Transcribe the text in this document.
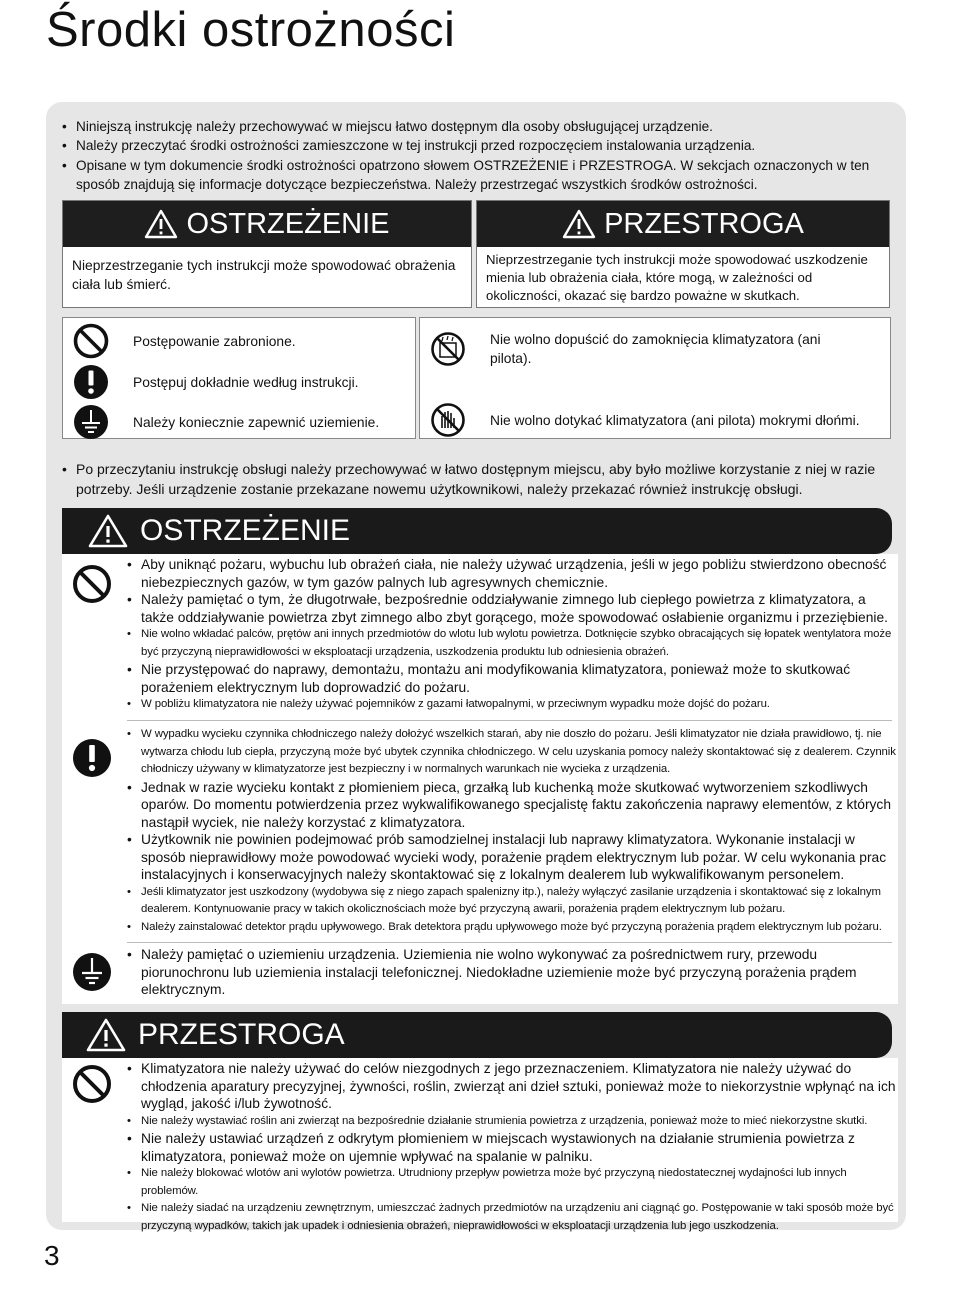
Środki ostrożności
• Niniejszą instrukcję należy przechowywać w miejscu łatwo dostępnym dla osoby obsługującej urządzenie.
• Należy przeczytać środki ostrożności zamieszczone w tej instrukcji przed rozpoczęciem instalowania urządzenia.
• Opisane w tym dokumencie środki ostrożności opatrzono słowem OSTRZEŻENIE i PRZESTROGA. W sekcjach oznaczonych w ten sposób znajdują się informacje dotyczące bezpieczeństwa. Należy przestrzegać wszystkich środków ostrożności.
OSTRZEŻENIE
Nieprzestrzeganie tych instrukcji może spowodować obrażenia ciała lub śmierć.
PRZESTROGA
Nieprzestrzeganie tych instrukcji może spowodować uszkodzenie mienia lub obrażenia ciała, które mogą, w zależności od okoliczności, okazać się bardzo poważne w skutkach.
Postępowanie zabronione.
Postępuj dokładnie według instrukcji.
Należy koniecznie zapewnić uziemienie.
Nie wolno dopuścić do zamoknięcia klimatyzatora (ani pilota).
Nie wolno dotykać klimatyzatora (ani pilota) mokrymi dłońmi.
• Po przeczytaniu instrukcję obsługi należy przechowywać w łatwo dostępnym miejscu, aby było możliwe korzystanie z niej w razie potrzeby. Jeśli urządzenie zostanie przekazane nowemu użytkownikowi, należy przekazać również instrukcję obsługi.
OSTRZEŻENIE
• Aby uniknąć pożaru, wybuchu lub obrażeń ciała, nie należy używać urządzenia, jeśli w jego pobliżu stwierdzono obecność niebezpiecznych gazów, w tym gazów palnych lub agresywnych chemicznie.
• Należy pamiętać o tym, że długotrwałe, bezpośrednie oddziaływanie zimnego lub ciepłego powietrza z klimatyzatora, a także oddziaływanie powietrza zbyt zimnego albo zbyt gorącego, może spowodować osłabienie organizmu i przeziębienie.
• Nie wolno wkładać palców, prętów ani innych przedmiotów do wlotu lub wylotu powietrza. Dotknięcie szybko obracających się łopatek wentylatora może być przyczyną nieprawidłowości w eksploatacji urządzenia, uszkodzenia produktu lub odniesienia obrażeń.
• Nie przystępować do naprawy, demontażu, montażu ani modyfikowania klimatyzatora, ponieważ może to skutkować porażeniem elektrycznym lub doprowadzić do pożaru.
• W pobliżu klimatyzatora nie należy używać pojemników z gazami łatwopalnymi, w przeciwnym wypadku może dojść do pożaru.
• W wypadku wycieku czynnika chłodniczego należy dołożyć wszelkich starań, aby nie doszło do pożaru. Jeśli klimatyzator nie działa prawidłowo, tj. nie wytwarza chłodu lub ciepła, przyczyną może być ubytek czynnika chłodniczego. W celu uzyskania pomocy należy skontaktować się z dealerem. Czynnik chłodniczy używany w klimatyzatorze jest bezpieczny i w normalnych warunkach nie wycieka z urządzenia.
• Jednak w razie wycieku kontakt z płomieniem pieca, grzałką lub kuchenką może skutkować wytworzeniem szkodliwych oparów. Do momentu potwierdzenia przez wykwalifikowanego specjalistę faktu zakończenia naprawy elementów, z których nastąpił wyciek, nie należy korzystać z klimatyzatora.
• Użytkownik nie powinien podejmować prób samodzielnej instalacji lub naprawy klimatyzatora. Wykonanie instalacji w sposób nieprawidłowy może powodować wycieki wody, porażenie prądem elektrycznym lub pożar. W celu wykonania prac instalacyjnych i konserwacyjnych należy skontaktować się z lokalnym dealerem lub wykwalifikowanym personelem.
• Jeśli klimatyzator jest uszkodzony (wydobywa się z niego zapach spalenizny itp.), należy wyłączyć zasilanie urządzenia i skontaktować się z lokalnym dealerem. Kontynuowanie pracy w takich okolicznościach może być przyczyną awarii, porażenia prądem elektrycznym lub pożaru.
• Należy zainstalować detektor prądu upływowego. Brak detektora prądu upływowego może być przyczyną porażenia prądem elektrycznym lub pożaru.
• Należy pamiętać o uziemieniu urządzenia. Uziemienia nie wolno wykonywać za pośrednictwem rury, przewodu piorunochronu lub uziemienia instalacji telefonicznej. Niedokładne uziemienie może być przyczyną porażenia prądem elektrycznym.
PRZESTROGA
• Klimatyzatora nie należy używać do celów niezgodnych z jego przeznaczeniem. Klimatyzatora nie należy używać do chłodzenia aparatury precyzyjnej, żywności, roślin, zwierząt ani dzieł sztuki, ponieważ może to niekorzystnie wpłynąć na ich wygląd, jakość i/lub żywotność.
• Nie należy wystawiać roślin ani zwierząt na bezpośrednie działanie strumienia powietrza z urządzenia, ponieważ może to mieć niekorzystne skutki.
• Nie należy ustawiać urządzeń z odkrytym płomieniem w miejscach wystawionych na działanie strumienia powietrza z klimatyzatora, ponieważ może on ujemnie wpływać na spalanie w palniku.
• Nie należy blokować wlotów ani wylotów powietrza. Utrudniony przepływ powietrza może być przyczyną niedostatecznej wydajności lub innych problemów.
• Nie należy siadać na urządzeniu zewnętrznym, umieszczać żadnych przedmiotów na urządzeniu ani ciągnąć go. Postępowanie w taki sposób może być przyczyną wypadków, takich jak upadek i odniesienia obrażeń, nieprawidłowości w eksploatacji urządzenia lub jego uszkodzenia.
3
